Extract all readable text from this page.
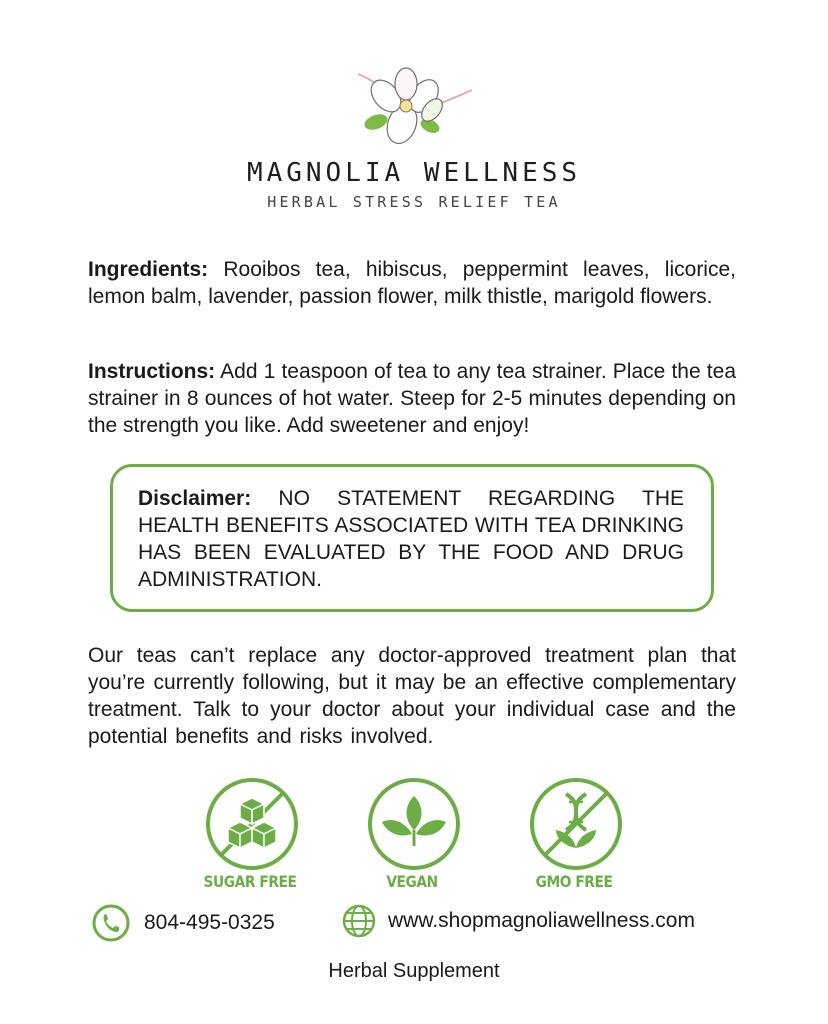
MAGNOLIA WELLNESS
HERBAL STRESS RELIEF TEA
Ingredients: Rooibos tea, hibiscus, peppermint leaves, licorice, lemon balm, lavender, passion flower, milk thistle, marigold flowers.
Instructions: Add 1 teaspoon of tea to any tea strainer. Place the tea strainer in 8 ounces of hot water. Steep for 2-5 minutes depending on the strength you like. Add sweetener and enjoy!
Disclaimer: NO STATEMENT REGARDING THE HEALTH BENEFITS ASSOCIATED WITH TEA DRINKING HAS BEEN EVALUATED BY THE FOOD AND DRUG ADMINISTRATION.
Our teas can’t replace any doctor-approved treatment plan that you’re currently following, but it may be an effective complementary treatment. Talk to your doctor about your individual case and the potential benefits and risks involved.
SUGAR FREE	VEGAN	GMO FREE
804-495-0325	www.shopmagnoliawellness.com
Herbal Supplement
